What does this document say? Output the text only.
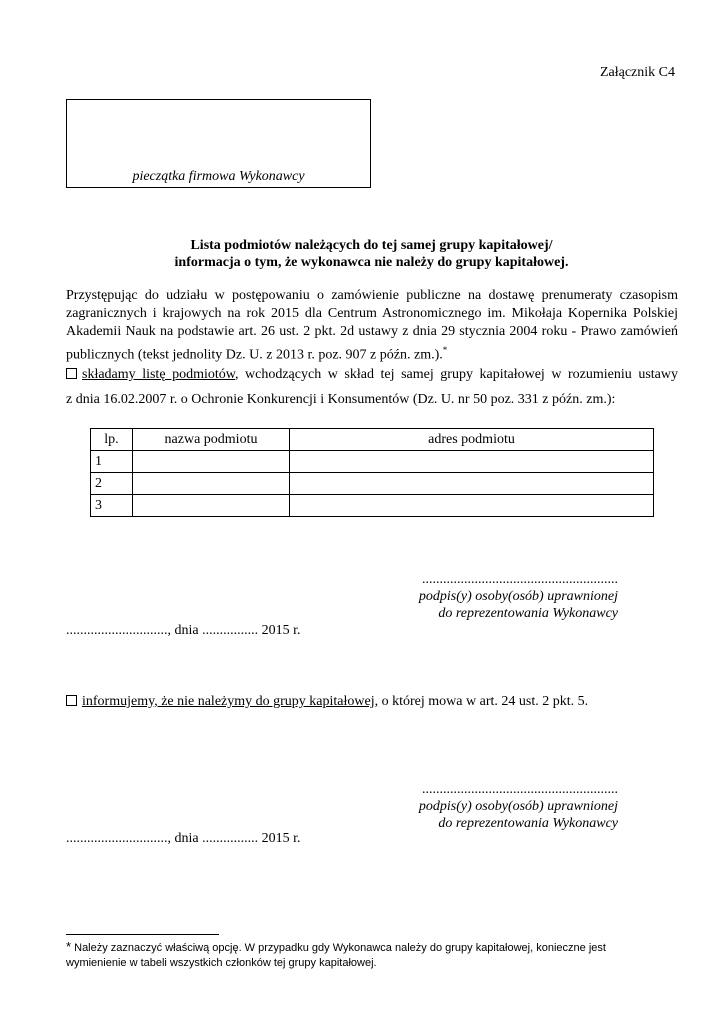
Załącznik C4
pieczątka firmowa Wykonawcy
Lista podmiotów należących do tej samej grupy kapitałowej/
informacja o tym, że wykonawca nie należy do grupy kapitałowej.
Przystępując do udziału w postępowaniu o zamówienie publiczne na dostawę prenumeraty czasopism zagranicznych i krajowych na rok 2015 dla Centrum Astronomicznego im. Mikołaja Kopernika Polskiej Akademii Nauk na podstawie art. 26 ust. 2 pkt. 2d ustawy z dnia 29 stycznia 2004 roku - Prawo zamówień publicznych (tekst jednolity Dz. U. z 2013 r. poz. 907 z późn. zm.).*
składamy listę podmiotów, wchodzących w skład tej samej grupy kapitałowej w rozumieniu ustawy
z dnia 16.02.2007 r. o Ochronie Konkurencji i Konsumentów (Dz. U. nr 50 poz. 331 z późn. zm.):
lp.	nazwa podmiotu	adres podmiotu
1		
2		
3		
........................................................
podpis(y) osoby(osób) uprawnionej
do reprezentowania Wykonawcy
............................., dnia ................ 2015 r.
informujemy, że nie należymy do grupy kapitałowej, o której mowa w art. 24 ust. 2 pkt. 5.
........................................................
podpis(y) osoby(osób) uprawnionej
do reprezentowania Wykonawcy
............................., dnia ................ 2015 r.
* Należy zaznaczyć właściwą opcję. W przypadku gdy Wykonawca należy do grupy kapitałowej, konieczne jest wymienienie w tabeli wszystkich członków tej grupy kapitałowej.
